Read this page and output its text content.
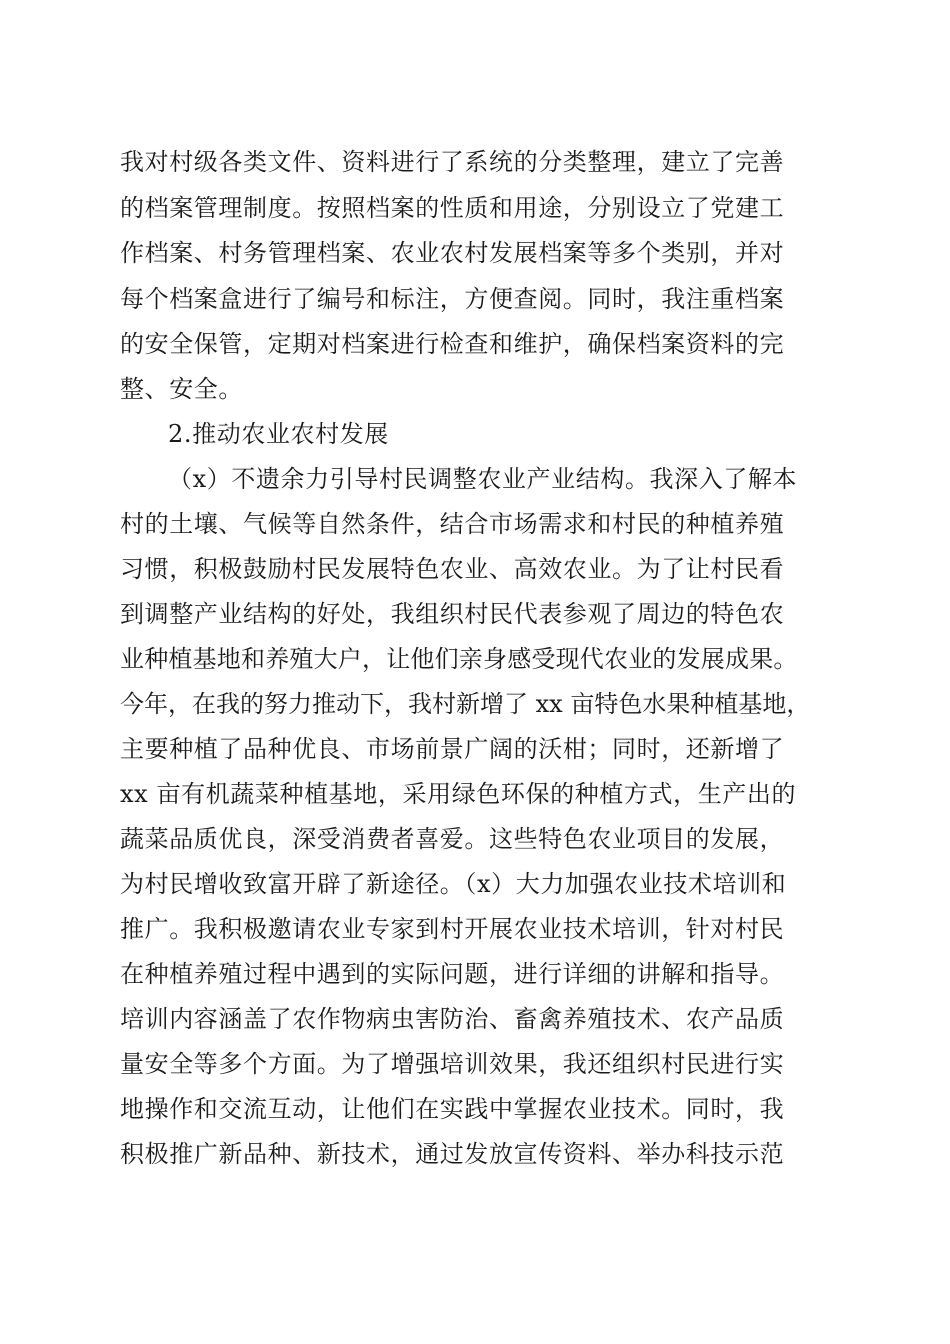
我对村级各类文件、资料进行了系统的分类整理，建立了完善
的档案管理制度。按照档案的性质和用途，分别设立了党建工
作档案、村务管理档案、农业农村发展档案等多个类别，并对
每个档案盒进行了编号和标注，方便查阅。同时，我注重档案
的安全保管，定期对档案进行检查和维护，确保档案资料的完
整、安全。
2.推动农业农村发展
（x）不遗余力引导村民调整农业产业结构。我深入了解本
村的土壤、气候等自然条件，结合市场需求和村民的种植养殖
习惯，积极鼓励村民发展特色农业、高效农业。为了让村民看
到调整产业结构的好处，我组织村民代表参观了周边的特色农
业种植基地和养殖大户，让他们亲身感受现代农业的发展成果。
今年，在我的努力推动下，我村新增了 xx 亩特色水果种植基地，
主要种植了品种优良、市场前景广阔的沃柑；同时，还新增了
xx 亩有机蔬菜种植基地，采用绿色环保的种植方式，生产出的
蔬菜品质优良，深受消费者喜爱。这些特色农业项目的发展，
为村民增收致富开辟了新途径。（x）大力加强农业技术培训和
推广。我积极邀请农业专家到村开展农业技术培训，针对村民
在种植养殖过程中遇到的实际问题，进行详细的讲解和指导。
培训内容涵盖了农作物病虫害防治、畜禽养殖技术、农产品质
量安全等多个方面。为了增强培训效果，我还组织村民进行实
地操作和交流互动，让他们在实践中掌握农业技术。同时，我
积极推广新品种、新技术，通过发放宣传资料、举办科技示范
